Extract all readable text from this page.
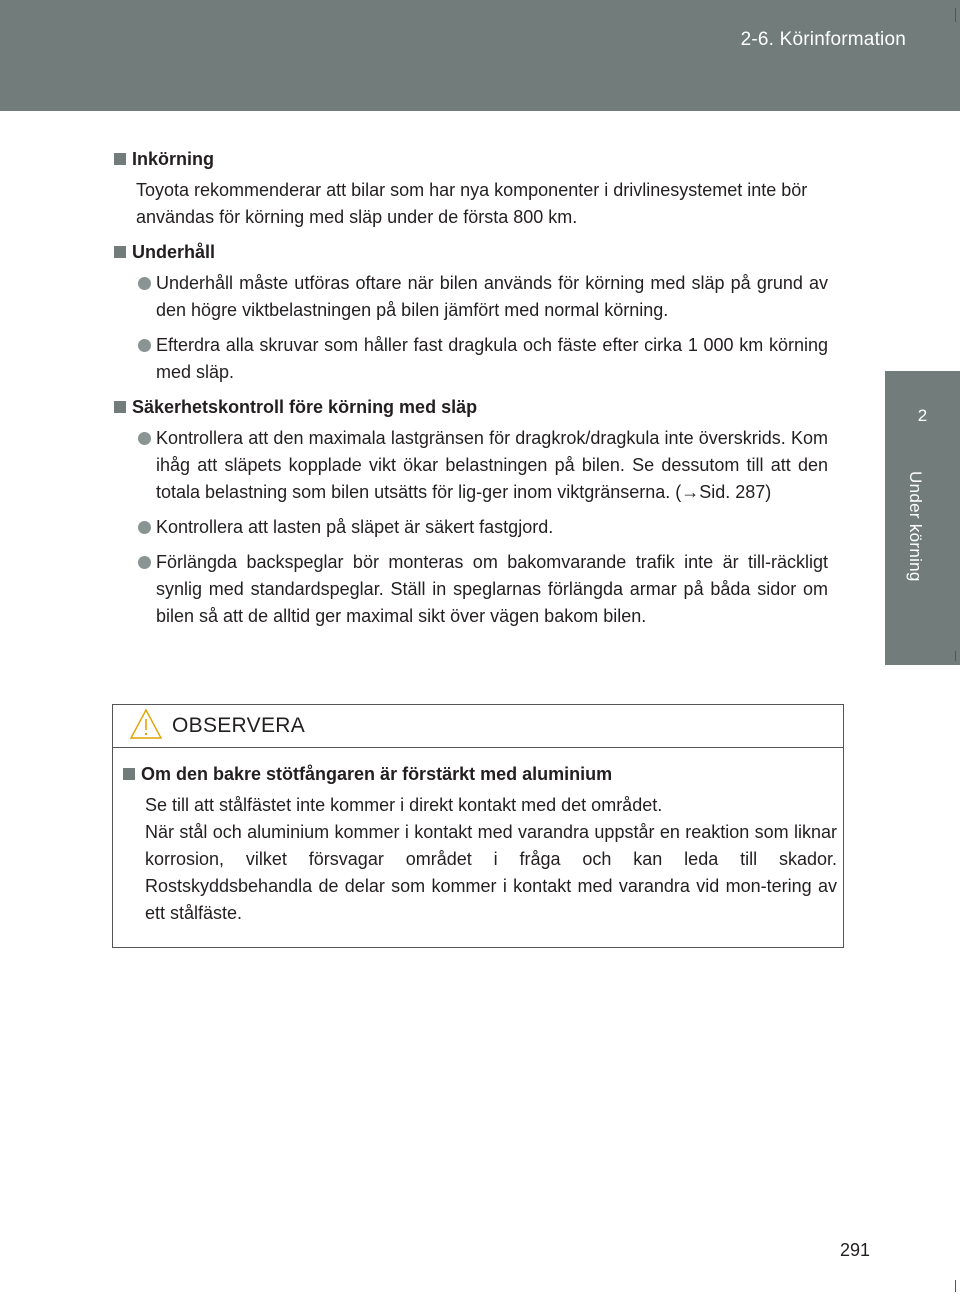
2-6. Körinformation
2
Under körning
Inkörning
Toyota rekommenderar att bilar som har nya komponenter i drivlinesystemet inte bör användas för körning med släp under de första 800 km.
Underhåll
Underhåll måste utföras oftare när bilen används för körning med släp på grund av den högre viktbelastningen på bilen jämfört med normal körning.
Efterdra alla skruvar som håller fast dragkula och fäste efter cirka 1 000 km körning med släp.
Säkerhetskontroll före körning med släp
Kontrollera att den maximala lastgränsen för dragkrok/dragkula inte överskrids. Kom ihåg att släpets kopplade vikt ökar belastningen på bilen. Se dessutom till att den totala belastning som bilen utsätts för lig-ger inom viktgränserna. (→Sid. 287)
Kontrollera att lasten på släpet är säkert fastgjord.
Förlängda backspeglar bör monteras om bakomvarande trafik inte är till-räckligt synlig med standardspeglar. Ställ in speglarnas förlängda armar på båda sidor om bilen så att de alltid ger maximal sikt över vägen bakom bilen.
OBSERVERA
Om den bakre stötfångaren är förstärkt med aluminium
Se till att stålfästet inte kommer i direkt kontakt med det området.
När stål och aluminium kommer i kontakt med varandra uppstår en reaktion som liknar korrosion, vilket försvagar området i fråga och kan leda till skador. Rostskyddsbehandla de delar som kommer i kontakt med varandra vid mon-tering av ett stålfäste.
291
